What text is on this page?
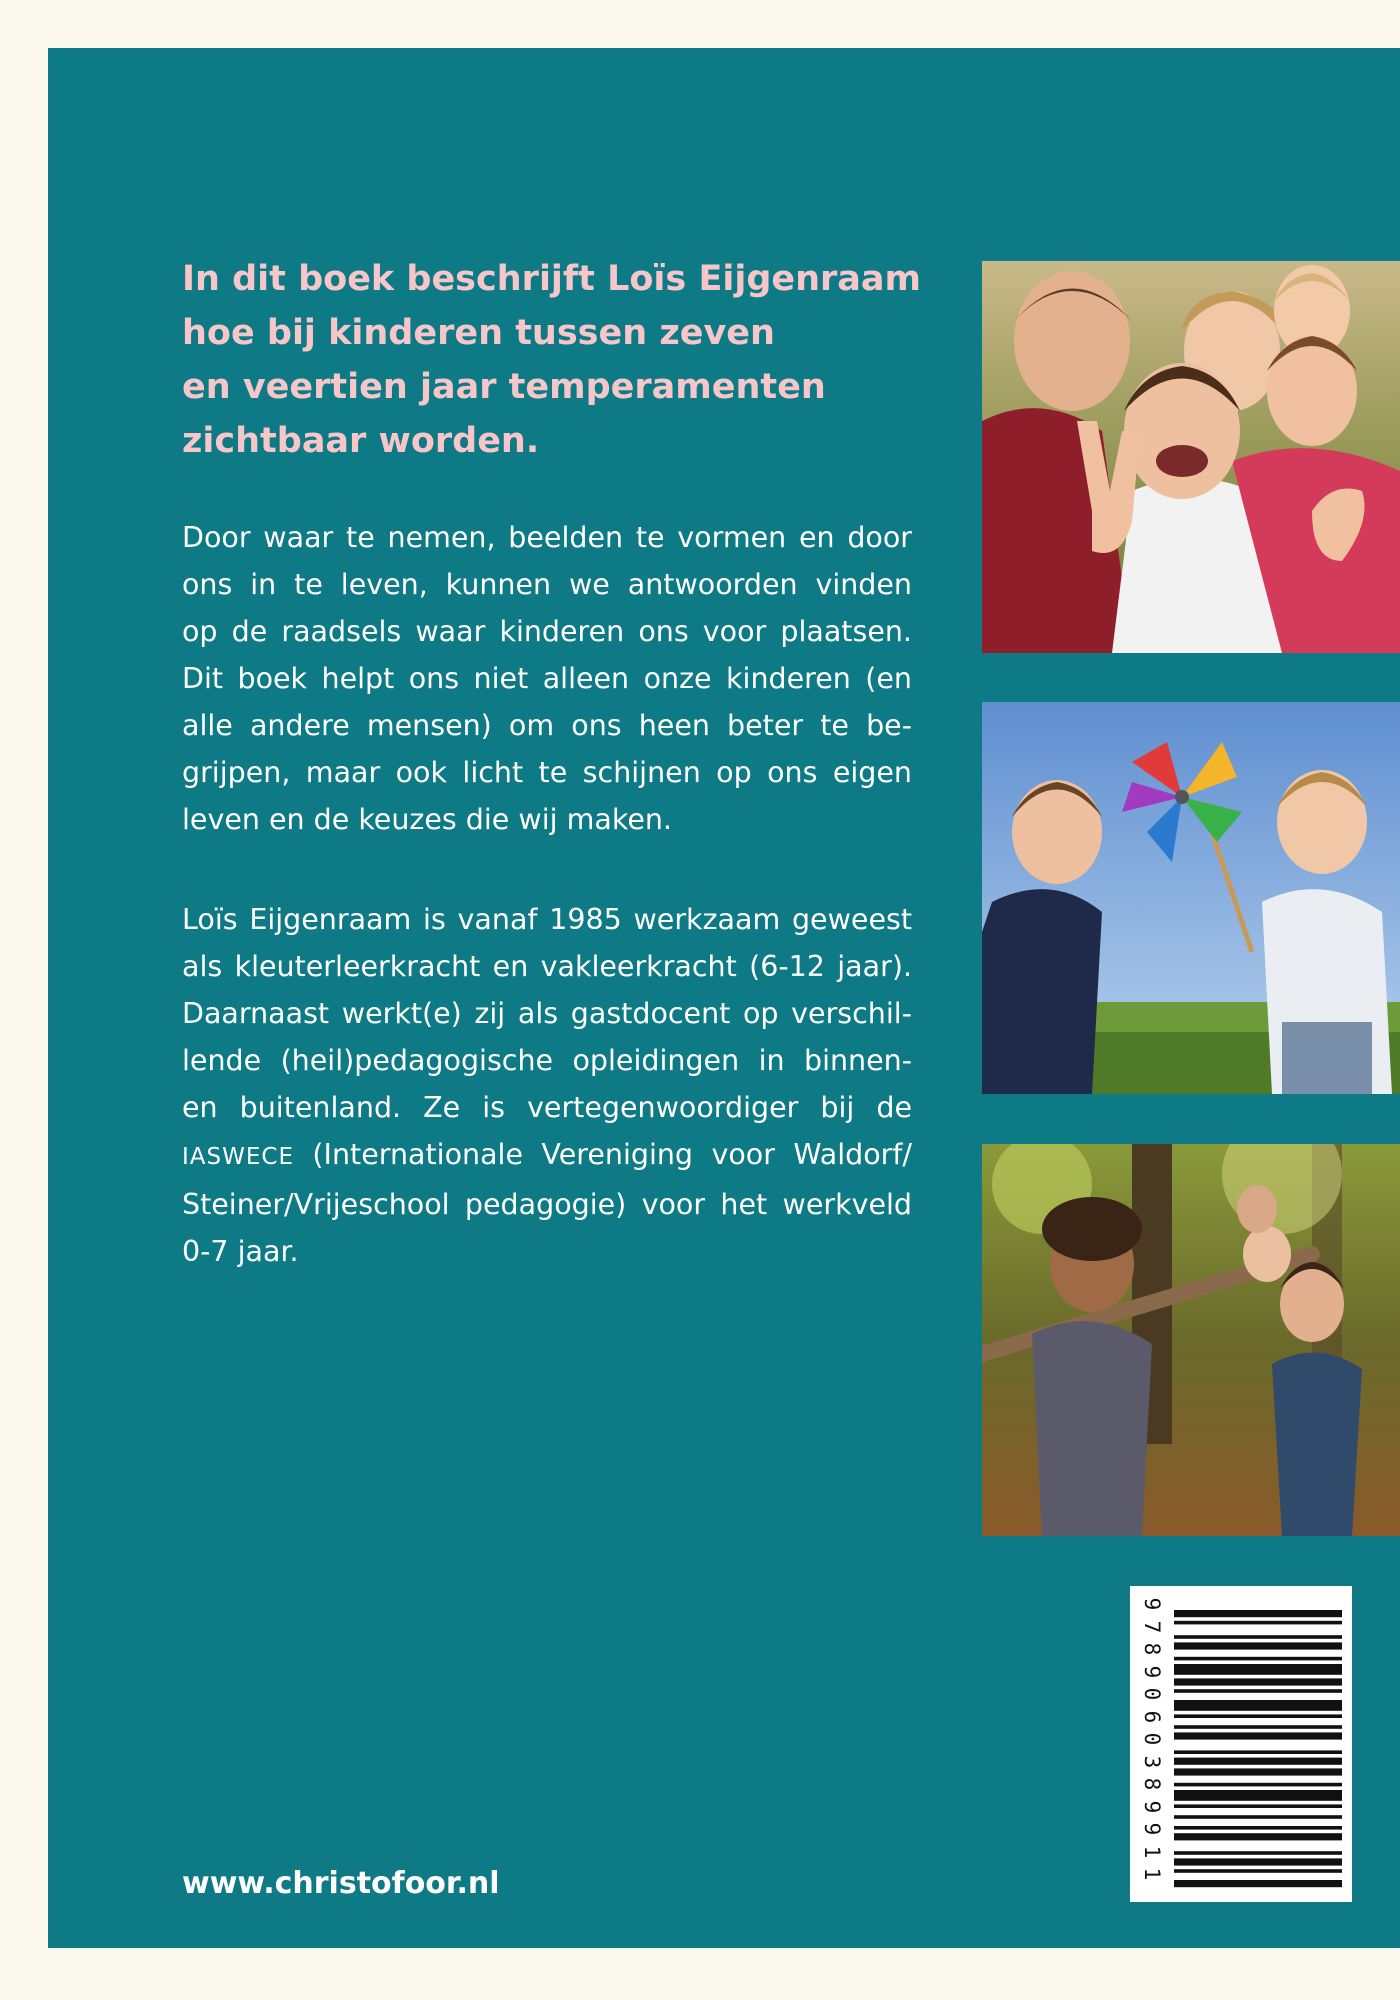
In dit boek beschrijft Loïs Eijgenraam
hoe bij kinderen tussen zeven
en veertien jaar temperamenten
zichtbaar worden.
Door waar te nemen, beelden te vormen en door
ons in te leven, kunnen we antwoorden vinden
op de raadsels waar kinderen ons voor plaatsen.
Dit boek helpt ons niet alleen onze kinderen (en
alle andere mensen) om ons heen beter te be-
grijpen, maar ook licht te schijnen op ons eigen
leven en de keuzes die wij maken.
Loïs Eijgenraam is vanaf 1985 werkzaam geweest
als kleuterleerkracht en vakleerkracht (6-12 jaar).
Daarnaast werkt(e) zij als gastdocent op verschil-
lende (heil)pedagogische opleidingen in binnen-
en buitenland. Ze is vertegenwoordiger bij de
IASWECE (Internationale Vereniging voor Waldorf/
Steiner/Vrijeschool pedagogie) voor het werkveld
0-7 jaar.
www.christofoor.nl
9
7
8
9
0
6
0
3
8
9
9
1
1
